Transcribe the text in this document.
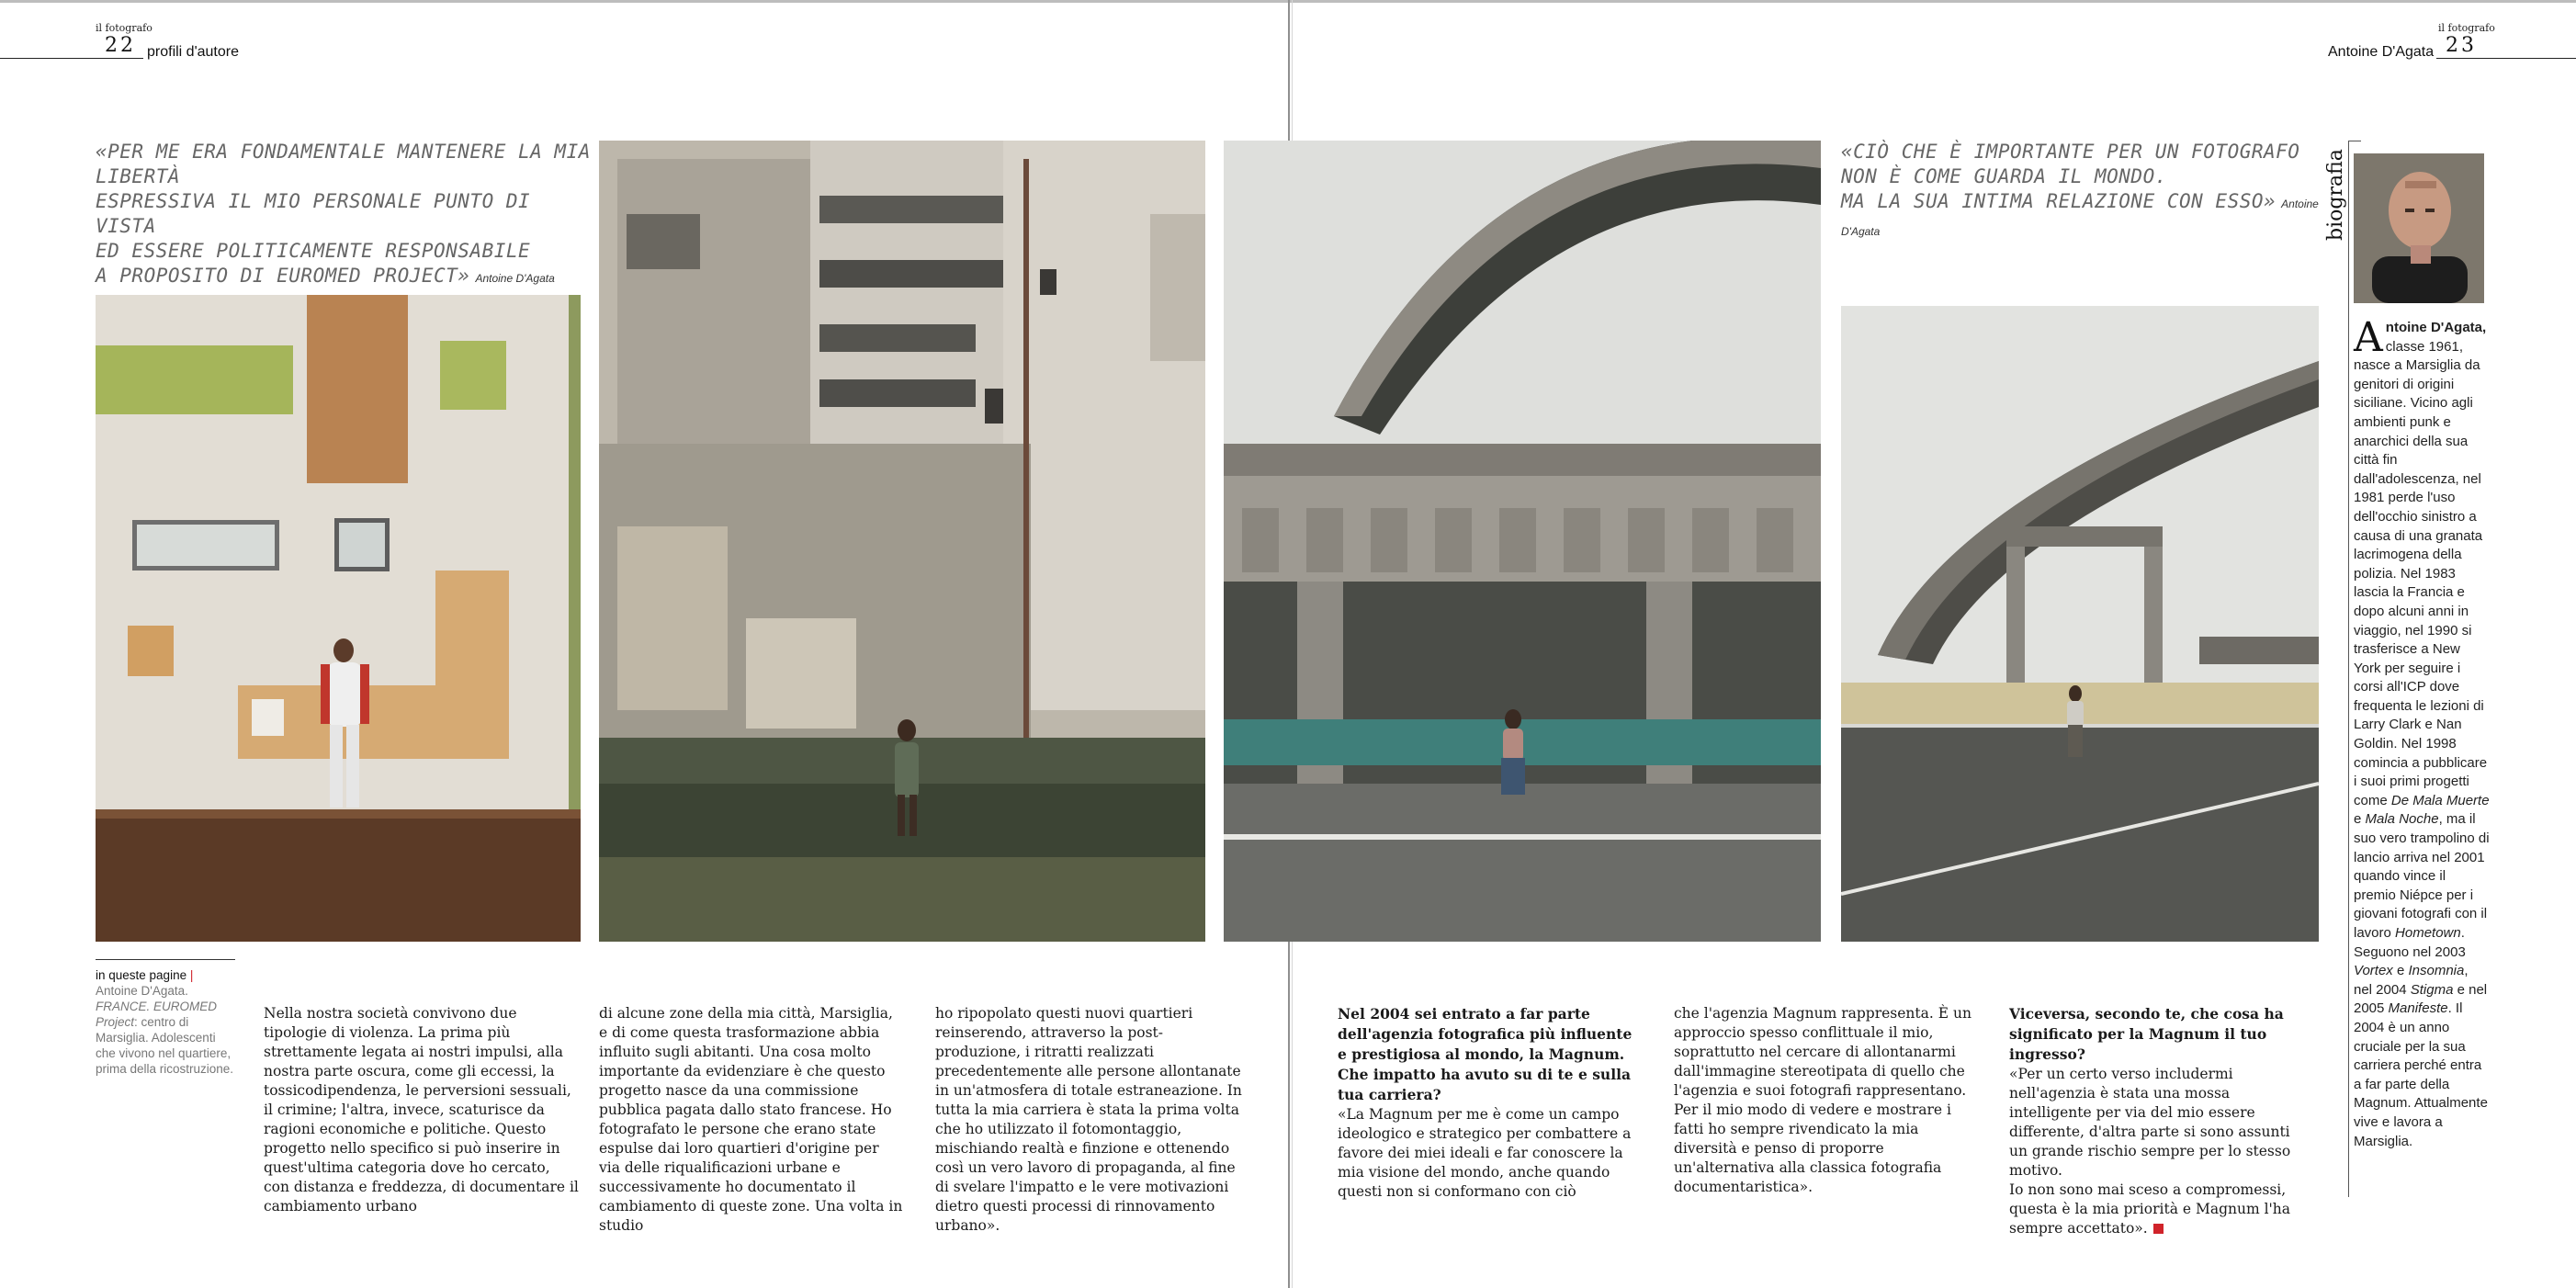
il fotografo
22 profili d'autore
il fotografo
23
Antoine D'Agata
«PER ME ERA FONDAMENTALE MANTENERE LA MIA LIBERTÀ
ESPRESSIVA IL MIO PERSONALE PUNTO DI VISTA
ED ESSERE POLITICAMENTE RESPONSABILE
A PROPOSITO DI EUROMED PROJECT» Antoine D'Agata
«CIÒ CHE È IMPORTANTE PER UN FOTOGRAFO
NON È COME GUARDA IL MONDO.
MA LA SUA INTIMA RELAZIONE CON ESSO» Antoine D'Agata
in queste pagine |
Antoine D'Agata.
FRANCE. EUROMED Project: centro di Marsiglia. Adolescenti che vivono nel quartiere, prima della ricostruzione.
Nella nostra società convivono due tipologie di violenza. La prima più strettamente legata ai nostri impulsi, alla nostra parte oscura, come gli eccessi, la tossicodipendenza, le perversioni sessuali, il crimine; l'altra, invece, scaturisce da ragioni economiche e politiche. Questo progetto nello specifico si può inserire in quest'ultima categoria dove ho cercato, con distanza e freddezza, di documentare il cambiamento urbano
di alcune zone della mia città, Marsiglia, e di come questa trasformazione abbia influito sugli abitanti. Una cosa molto importante da evidenziare è che questo progetto nasce da una commissione pubblica pagata dallo stato francese. Ho fotografato le persone che erano state espulse dai loro quartieri d'origine per via delle riqualificazioni urbane e successivamente ho documentato il cambiamento di queste zone. Una volta in studio
ho ripopolato questi nuovi quartieri reinserendo, attraverso la post-produzione, i ritratti realizzati precedentemente alle persone allontanate in un'atmosfera di totale estraneazione. In tutta la mia carriera è stata la prima volta che ho utilizzato il fotomontaggio, mischiando realtà e finzione e ottenendo così un vero lavoro di propaganda, al fine di svelare l'impatto e le vere motivazioni dietro questi processi di rinnovamento urbano».
Nel 2004 sei entrato a far parte dell'agenzia fotografica più influente e prestigiosa al mondo, la Magnum. Che impatto ha avuto su di te e sulla tua carriera?
«La Magnum per me è come un campo ideologico e strategico per combattere a favore dei miei ideali e far conoscere la mia visione del mondo, anche quando questi non si conformano con ciò
che l'agenzia Magnum rappresenta. È un approccio spesso conflittuale il mio, soprattutto nel cercare di allontanarmi dall'immagine stereotipata di quello che l'agenzia e suoi fotografi rappresentano. Per il mio modo di vedere e mostrare i fatti ho sempre rivendicato la mia diversità e penso di proporre un'alternativa alla classica fotografia documentaristica».
Viceversa, secondo te, che cosa ha significato per la Magnum il tuo ingresso?
«Per un certo verso includermi nell'agenzia è stata una mossa intelligente per via del mio essere differente, d'altra parte si sono assunti un grande rischio sempre per lo stesso motivo.
Io non sono mai sceso a compromessi, questa è la mia priorità e Magnum l'ha sempre accettato».
biografia
Antoine D'Agata, classe 1961, nasce a Marsiglia da genitori di origini siciliane. Vicino agli ambienti punk e anarchici della sua città fin dall'adolescenza, nel 1981 perde l'uso dell'occhio sinistro a causa di una granata lacrimogena della polizia. Nel 1983 lascia la Francia e dopo alcuni anni in viaggio, nel 1990 si trasferisce a New York per seguire i corsi all'ICP dove frequenta le lezioni di Larry Clark e Nan Goldin. Nel 1998 comincia a pubblicare i suoi primi progetti come De Mala Muerte e Mala Noche, ma il suo vero trampolino di lancio arriva nel 2001 quando vince il premio Niépce per i giovani fotografi con il lavoro Hometown. Seguono nel 2003 Vortex e Insomnia, nel 2004 Stigma e nel 2005 Manifeste. Il 2004 è un anno cruciale per la sua carriera perché entra a far parte della Magnum. Attualmente vive e lavora a Marsiglia.
